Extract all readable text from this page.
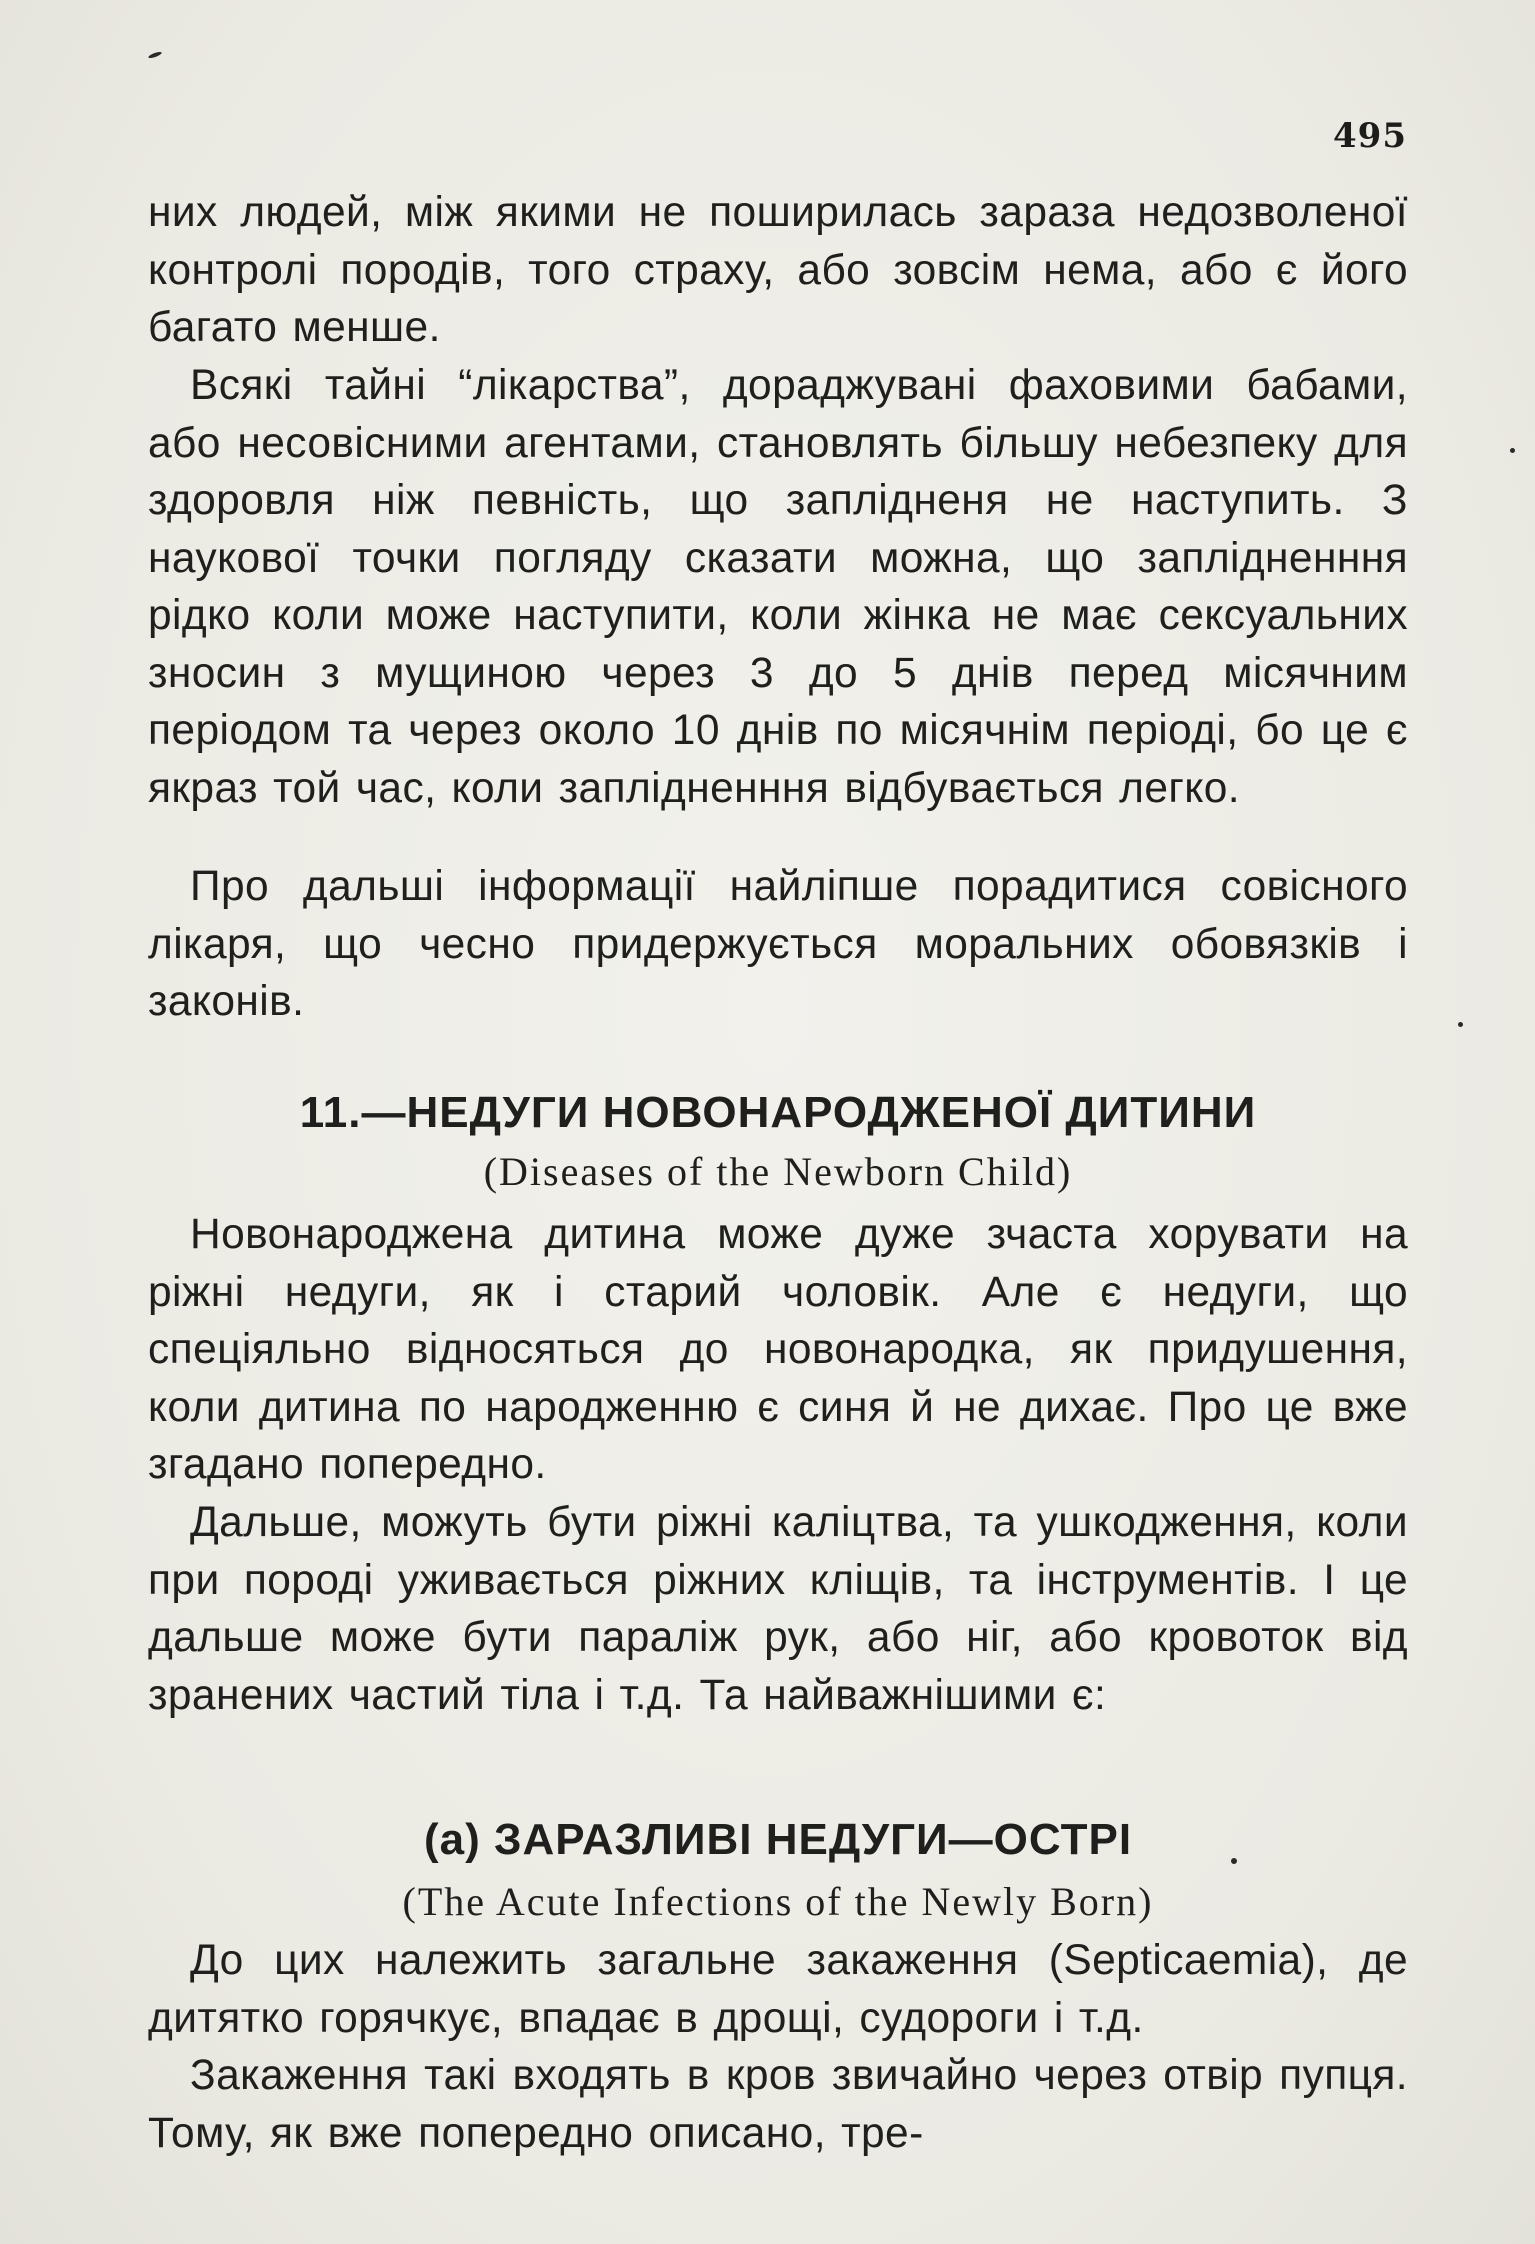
495

них людей, між якими не поширилась зараза недозволеної контролі породів, того страху, або зовсім нема, або є його багато менше.

Всякі тайні “лікарства”, дораджувані фаховими бабами, або несовісними агентами, становлять більшу небезпеку для здоровля ніж певність, що заплідненя не наступить. З наукової точки погляду сказати можна, що заплідненння рідко коли може наступити, коли жінка не має сексуальних зносин з мущиною через 3 до 5 днів перед місячним періодом та через около 10 днів по місячнім періоді, бо це є якраз той час, коли заплідненння відбувається легко.

Про дальші інформації найліпше порадитися совісного лікаря, що чесно придержується моральних обовязків і законів.

11.—НЕДУГИ НОВОНАРОДЖЕНОЇ ДИТИНИ
(Diseases of the Newborn Child)

Новонароджена дитина може дуже зчаста хорувати на ріжні недуги, як і старий чоловік. Але є недуги, що спеціяльно відносяться до новонародка, як придушення, коли дитина по народженню є синя й не дихає. Про це вже згадано попередно.

Дальше, можуть бути ріжні каліцтва, та ушкодження, коли при породі уживається ріжних кліщів, та інструментів. І це дальше може бути параліж рук, або ніг, або кровоток від зранених частий тіла і т.д. Та найважнішими є:

(а) ЗАРАЗЛИВІ НЕДУГИ—ОСТРІ
(The Acute Infections of the Newly Born)

До цих належить загальне закаження (Septicaemia), де дитятко горячкує, впадає в дрощі, судороги і т.д.

Закаження такі входять в кров звичайно через отвір пупця. Тому, як вже попередно описано, тре-
